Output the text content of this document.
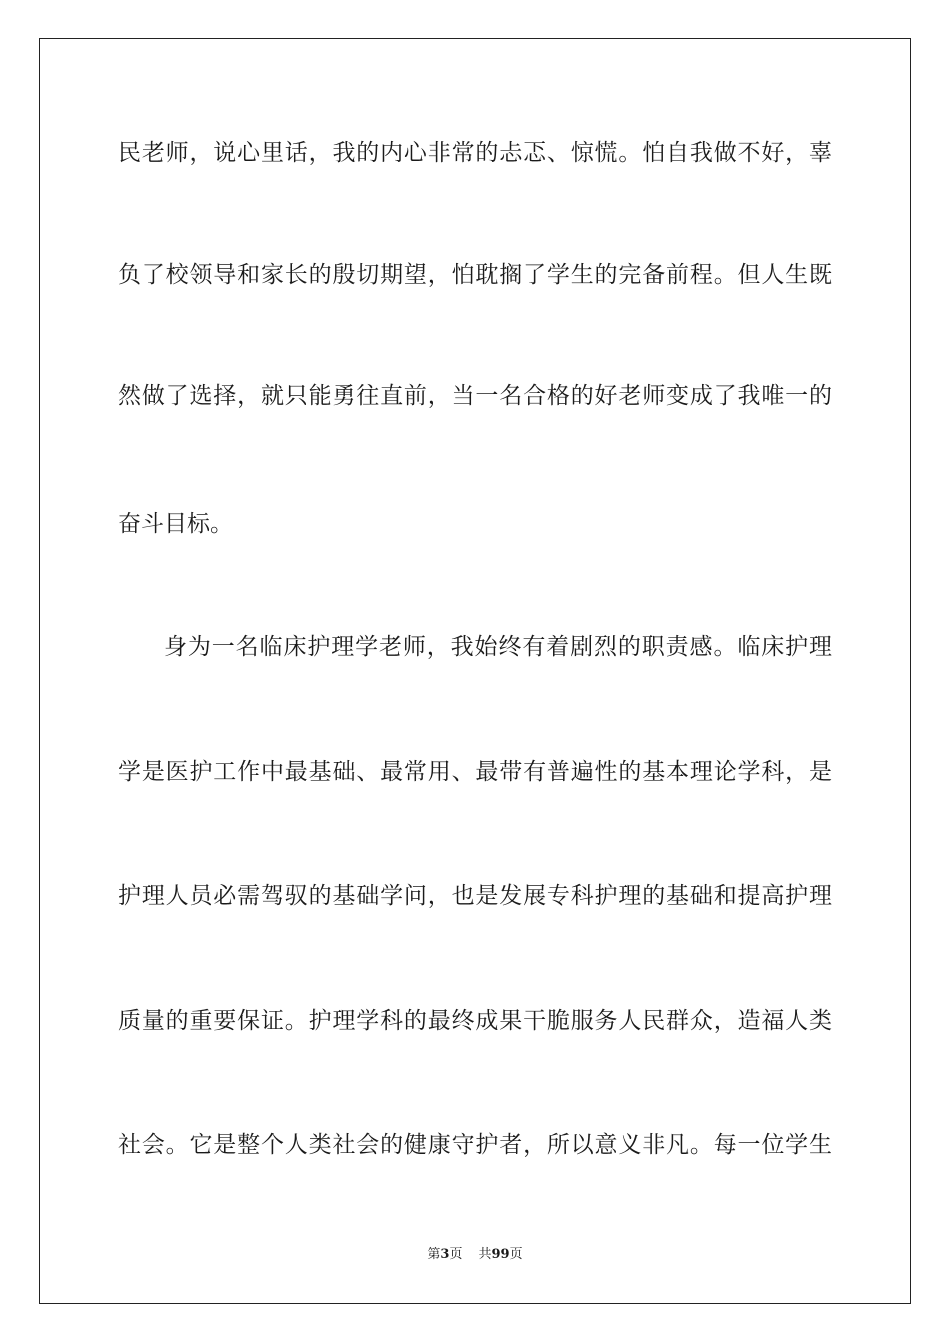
民老师，说心里话，我的内心非常的忐忑、惊慌。怕自我做不好，辜
负了校领导和家长的殷切期望，怕耽搁了学生的完备前程。但人生既
然做了选择，就只能勇往直前，当一名合格的好老师变成了我唯一的
奋斗目标。
身为一名临床护理学老师，我始终有着剧烈的职责感。临床护理
学是医护工作中最基础、最常用、最带有普遍性的基本理论学科，是
护理人员必需驾驭的基础学问，也是发展专科护理的基础和提高护理
质量的重要保证。护理学科的最终成果干脆服务人民群众，造福人类
社会。它是整个人类社会的健康守护者，所以意义非凡。每一位学生
第3页 共99页
